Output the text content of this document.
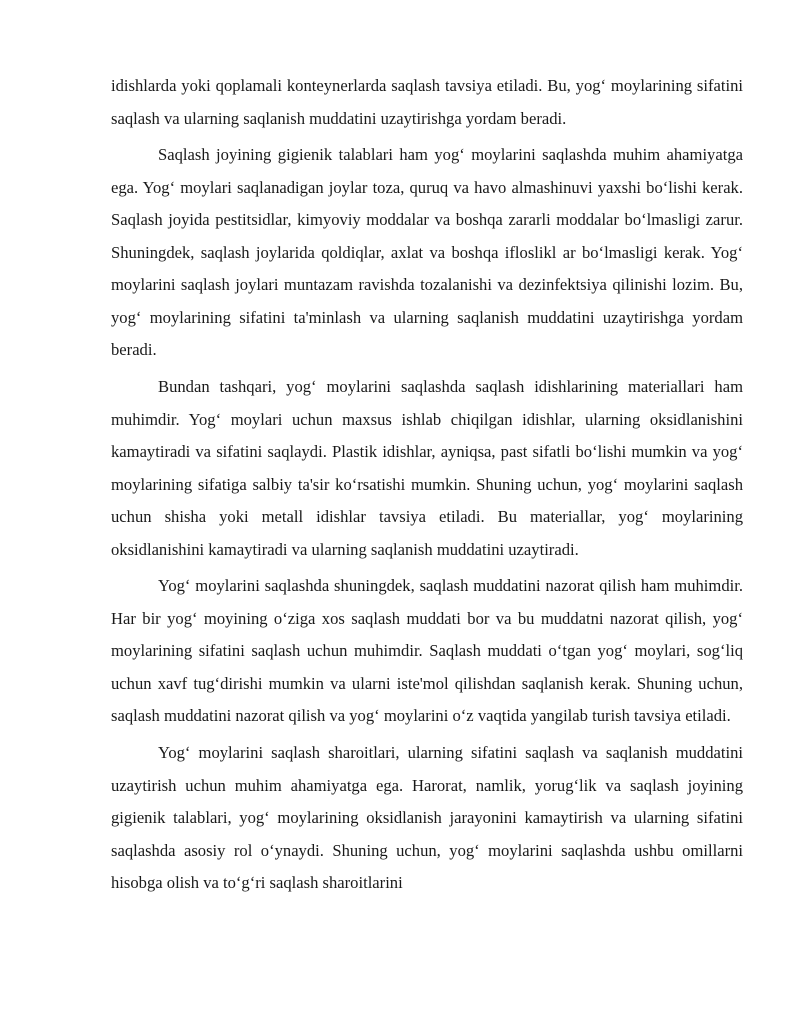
idishlarda yoki qoplamali konteynerlarda saqlash tavsiya etiladi. Bu, yog‘ moylarining sifatini saqlash va ularning saqlanish muddatini uzaytirishga yordam beradi.

Saqlash joyining gigienik talablari ham yog‘ moylarini saqlashda muhim ahamiyatga ega. Yog‘ moylari saqlanadigan joylar toza, quruq va havo almashinuvi yaxshi bo‘lishi kerak. Saqlash joyida pestitsidlar, kimyoviy moddalar va boshqa zararli moddalar bo‘lmasligi zarur. Shuningdek, saqlash joylarida qoldiqlar, axlat va boshqa ifloslikl ar bo‘lmasligi kerak. Yog‘ moylarini saqlash joylari muntazam ravishda tozalanishi va dezinfektsiya qilinishi lozim. Bu, yog‘ moylarining sifatini ta'minlash va ularning saqlanish muddatini uzaytirishga yordam beradi.

Bundan tashqari, yog‘ moylarini saqlashda saqlash idishlarining materiallari ham muhimdir. Yog‘ moylari uchun maxsus ishlab chiqilgan idishlar, ularning oksidlanishini kamaytiradi va sifatini saqlaydi. Plastik idishlar, ayniqsa, past sifatli bo‘lishi mumkin va yog‘ moylarining sifatiga salbiy ta'sir ko‘rsatishi mumkin. Shuning uchun, yog‘ moylarini saqlash uchun shisha yoki metall idishlar tavsiya etiladi. Bu materiallar, yog‘ moylarining oksidlanishini kamaytiradi va ularning saqlanish muddatini uzaytiradi.

Yog‘ moylarini saqlashda shuningdek, saqlash muddatini nazorat qilish ham muhimdir. Har bir yog‘ moyining o‘ziga xos saqlash muddati bor va bu muddatni nazorat qilish, yog‘ moylarining sifatini saqlash uchun muhimdir. Saqlash muddati o‘tgan yog‘ moylari, sog‘liq uchun xavf tug‘dirishi mumkin va ularni iste'mol qilishdan saqlanish kerak. Shuning uchun, saqlash muddatini nazorat qilish va yog‘ moylarini o‘z vaqtida yangilab turish tavsiya etiladi.

Yog‘ moylarini saqlash sharoitlari, ularning sifatini saqlash va saqlanish muddatini uzaytirish uchun muhim ahamiyatga ega. Harorat, namlik, yorug‘lik va saqlash joyining gigienik talablari, yog‘ moylarining oksidlanish jarayonini kamaytirish va ularning sifatini saqlashda asosiy rol o‘ynaydi. Shuning uchun, yog‘ moylarini saqlashda ushbu omillarni hisobga olish va to‘g‘ri saqlash sharoitlarini
